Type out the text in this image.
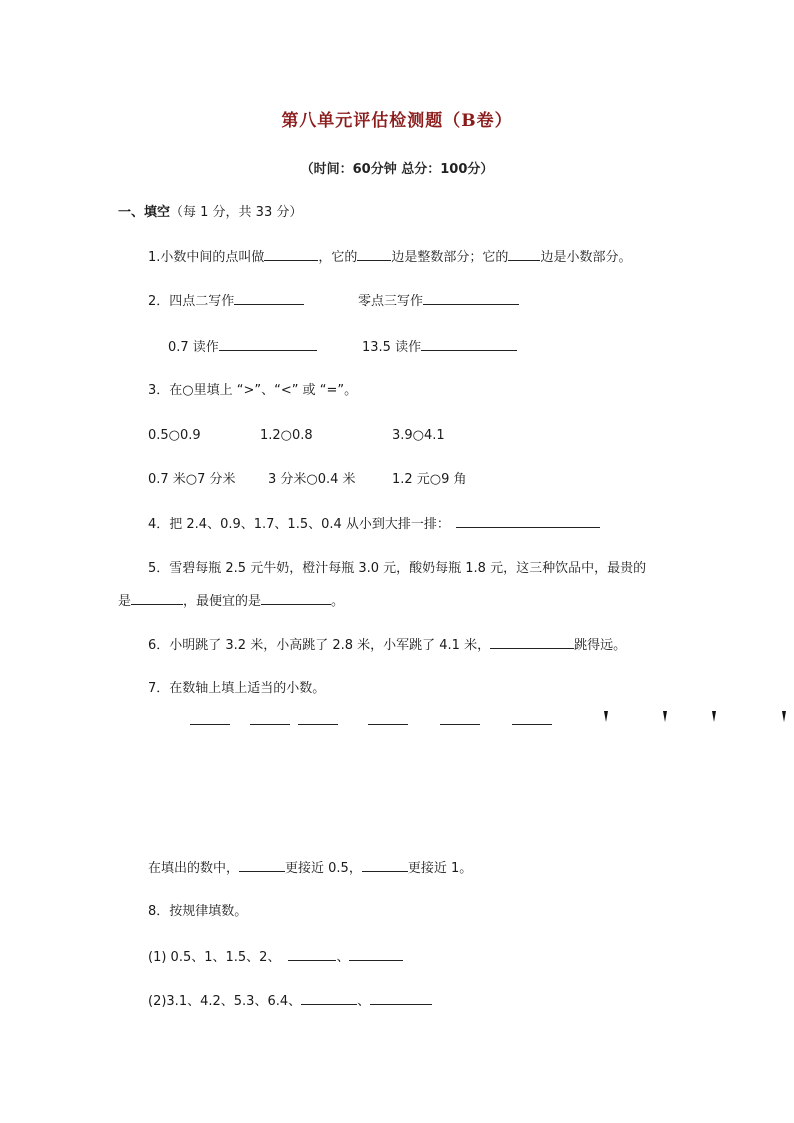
第八单元评估检测题（B卷）
（时间：60分钟 总分：100分）
一、填空（每 1 分，共 33 分）
1.小数中间的点叫做	，它的	边是整数部分；它的 边是小数部分。
2．四点二写作	零点三写作
0.7 读作	13.5 读作
3．在○里填上 “>”、“<” 或 “=”。
0.5○0.9	1.2○0.8	3.9○4.1
0.7 米○7 分米 3 分米○0.4 米	1.2 元○9 角
4．把 2.4、0.9、1.7、1.5、0.4 从小到大排一排：
5．雪碧每瓶 2.5 元牛奶，橙汁每瓶 3.0 元，酸奶每瓶 1.8 元，这三种饮品中，最贵的
是	，最便宜的是	。
6．小明跳了 3.2 米，小高跳了 2.8 米，小军跳了 4.1 米，	跳得远。
7．在数轴上填上适当的小数。
在填出的数中，	更接近 0.5，	更接近 1。
8．按规律填数。
(1) 0.5、1、1.5、2、	、
(2)3.1、4.2、5.3、6.4、	、
